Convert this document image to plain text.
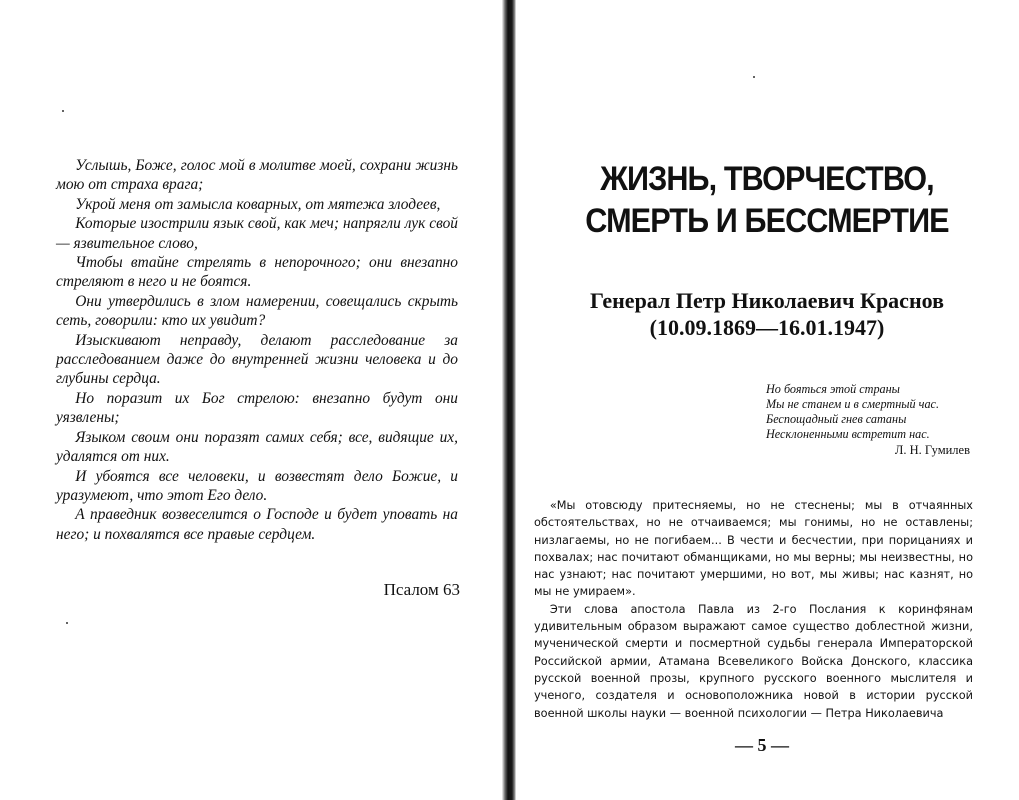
Услышь, Боже, голос мой в молитве моей, сохрани жизнь мою от страха врага;

Укрой меня от замысла коварных, от мятежа злодеев,

Которые изострили язык свой, как меч; напрягли лук свой — язвительное слово,

Чтобы втайне стрелять в непорочного; они внезапно стреляют в него и не боятся.

Они утвердились в злом намерении, совещались скрыть сеть, говорили: кто их увидит?

Изыскивают неправду, делают расследование за расследованием даже до внутренней жизни человека и до глубины сердца.

Но поразит их Бог стрелою: внезапно будут они уязвлены;

Языком своим они поразят самих себя; все, видящие их, удалятся от них.

И убоятся все человеки, и возвестят дело Божие, и уразумеют, что этот Его дело.

А праведник возвеселится о Господе и будет уповать на него; и похвалятся все правые сердцем.

Псалом 63
ЖИЗНЬ, ТВОРЧЕСТВО,
СМЕРТЬ И БЕССМЕРТИЕ
Генерал Петр Николаевич Краснов
(10.09.1869—16.01.1947)
Но бояться этой страны
Мы не станем и в смертный час.
Беспощадный гнев сатаны
Несклоненными встретит нас.
Л. Н. Гумилев

«Мы отовсюду притесняемы, но не стеснены; мы в отчаянных обстоятельствах, но не отчаиваемся; мы гонимы, но не оставлены; низлагаемы, но не погибаем... В чести и бесчестии, при порицаниях и похвалах; нас почитают обманщиками, но мы верны; мы неизвестны, но нас узнают; нас почитают умершими, но вот, мы живы; нас казнят, но мы не умираем».

Эти слова апостола Павла из 2-го Послания к коринфянам удивительным образом выражают самое существо доблестной жизни, мученической смерти и посмертной судьбы генерала Императорской Российской армии, Атамана Всевеликого Войска Донского, классика русской военной прозы, крупного русского военного мыслителя и ученого, создателя и основоположника новой в истории русской военной школы науки — военной психологии — Петра Николаевича

— 5 —
